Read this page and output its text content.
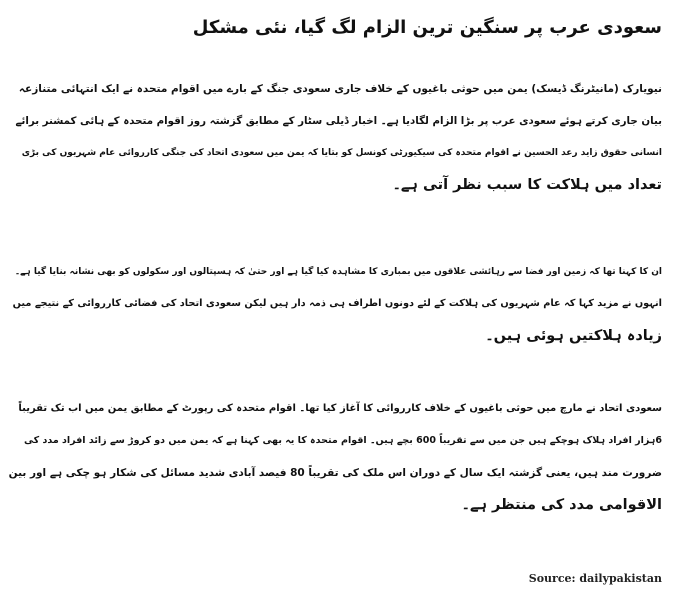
سعودی عرب پر سنگین ترین الزام لگ گیا، نئی مشکل
نیویارک (مانیٹرنگ ڈیسک) یمن میں حوثی باغیوں کے خلاف جاری سعودی جنگ کے بارے میں اقوام متحدہ نے ایک انتہائی متنازعہ
بیان جاری کرتے ہوئے سعودی عرب پر بڑا الزام لگادیا ہے۔ اخبار ڈیلی سٹار کے مطابق گزشتہ روز اقوام متحدہ کے ہائی کمشنر برائے
انسانی حقوق زاید رعد الحسین نے اقوام متحدہ کی سیکیورٹی کونسل کو بتایا کہ یمن میں سعودی اتحاد کی جنگی کارروائی عام شہریوں کی بڑی
تعداد میں ہلاکت کا سبب نظر آتی ہے۔
ان کا کہنا تھا کہ زمین اور فضا سے رہائشی علاقوں میں بمباری کا مشاہدہ کیا گیا ہے اور حتیٰ کہ ہسپتالوں اور سکولوں کو بھی نشانہ بنایا گیا ہے۔
انہوں نے مزید کہا کہ عام شہریوں کی ہلاکت کے لئے دونوں اطراف ہی ذمہ دار ہیں لیکن سعودی اتحاد کی فضائی کارروائی کے نتیجے میں
زیادہ ہلاکتیں ہوئی ہیں۔
سعودی اتحاد نے مارچ میں حوثی باغیوں کے خلاف کارروائی کا آغاز کیا تھا۔ اقوام متحدہ کی رپورٹ کے مطابق یمن میں اب تک تقریباً
6ہزار افراد ہلاک ہوچکے ہیں جن میں سے تقریباً 600 بچے ہیں۔ اقوام متحدہ کا یہ بھی کہنا ہے کہ یمن میں دو کروڑ سے زائد افراد مدد کی
ضرورت مند ہیں، یعنی گزشتہ ایک سال کے دوران اس ملک کی تقریباً 80 فیصد آبادی شدید مسائل کی شکار ہو چکی ہے اور بین
الاقوامی مدد کی منتظر ہے۔
Source: dailypakistan
